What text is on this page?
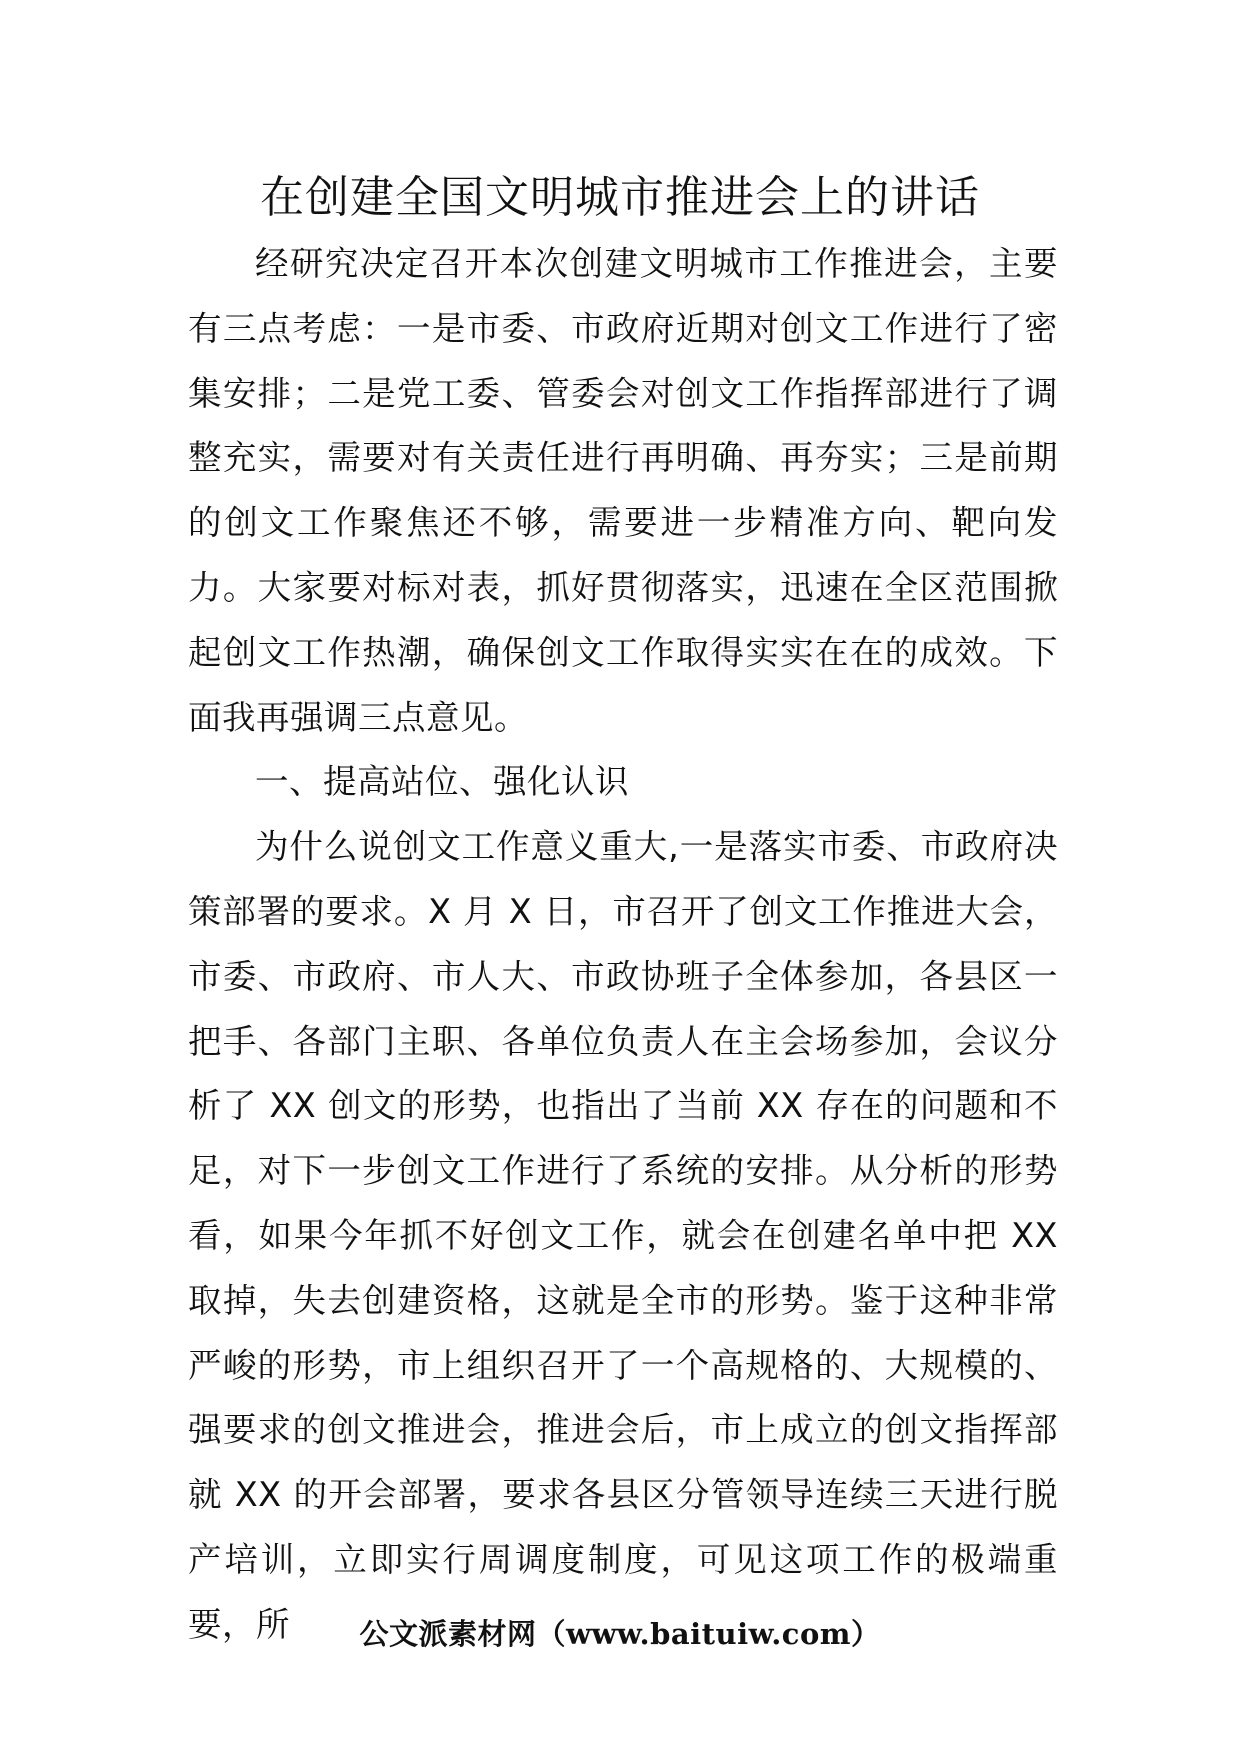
在创建全国文明城市推进会上的讲话

经研究决定召开本次创建文明城市工作推进会，主要有三点考虑：一是市委、市政府近期对创文工作进行了密集安排；二是党工委、管委会对创文工作指挥部进行了调整充实，需要对有关责任进行再明确、再夯实；三是前期的创文工作聚焦还不够，需要进一步精准方向、靶向发力。大家要对标对表，抓好贯彻落实，迅速在全区范围掀起创文工作热潮，确保创文工作取得实实在在的成效。下面我再强调三点意见。

一、提高站位、强化认识

为什么说创文工作意义重大,一是落实市委、市政府决策部署的要求。X 月 X 日，市召开了创文工作推进大会，市委、市政府、市人大、市政协班子全体参加，各县区一把手、各部门主职、各单位负责人在主会场参加，会议分析了 XX 创文的形势，也指出了当前 XX 存在的问题和不足，对下一步创文工作进行了系统的安排。从分析的形势看，如果今年抓不好创文工作，就会在创建名单中把 XX 取掉，失去创建资格，这就是全市的形势。鉴于这种非常严峻的形势，市上组织召开了一个高规格的、大规模的、强要求的创文推进会，推进会后，市上成立的创文指挥部就 XX 的开会部署，要求各县区分管领导连续三天进行脱产培训，立即实行周调度制度，可见这项工作的极端重要，所	公文派素材网（www.baituiw.com）
